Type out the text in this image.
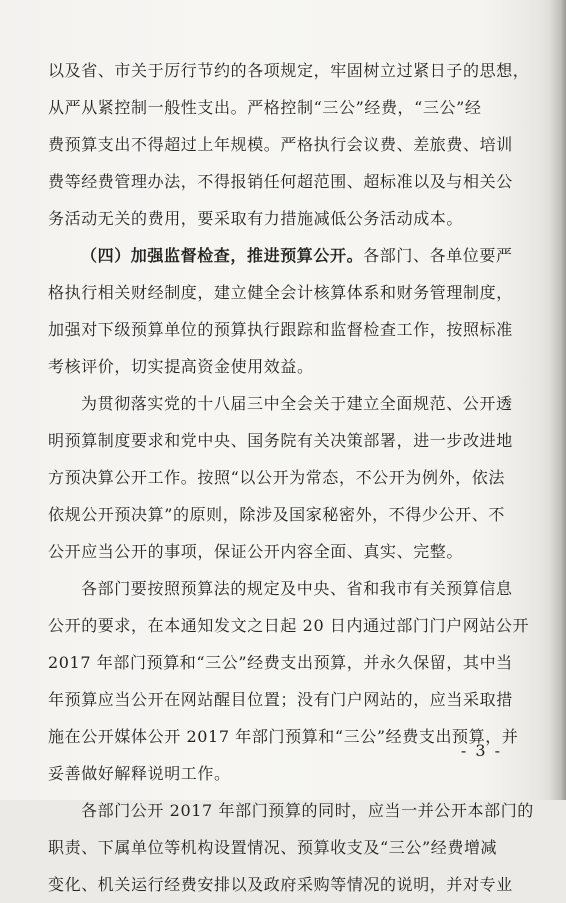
以及省、市关于厉行节约的各项规定，牢固树立过紧日子的思想，
从严从紧控制一般性支出。严格控制“三公”经费，“三公”经
费预算支出不得超过上年规模。严格执行会议费、差旅费、培训
费等经费管理办法，不得报销任何超范围、超标准以及与相关公
务活动无关的费用，要采取有力措施减低公务活动成本。

（四）加强监督检查，推进预算公开。各部门、各单位要严
格执行相关财经制度，建立健全会计核算体系和财务管理制度，
加强对下级预算单位的预算执行跟踪和监督检查工作，按照标准
考核评价，切实提高资金使用效益。

为贯彻落实党的十八届三中全会关于建立全面规范、公开透
明预算制度要求和党中央、国务院有关决策部署，进一步改进地
方预决算公开工作。按照“以公开为常态，不公开为例外，依法
依规公开预决算”的原则，除涉及国家秘密外，不得少公开、不
公开应当公开的事项，保证公开内容全面、真实、完整。

各部门要按照预算法的规定及中央、省和我市有关预算信息
公开的要求，在本通知发文之日起 20 日内通过部门门户网站公开
2017 年部门预算和“三公”经费支出预算，并永久保留，其中当
年预算应当公开在网站醒目位置；没有门户网站的，应当采取措
施在公开媒体公开 2017 年部门预算和“三公”经费支出预算，并
妥善做好解释说明工作。

各部门公开 2017 年部门预算的同时，应当一并公开本部门的
职责、下属单位等机构设置情况、预算收支及“三公”经费增减
变化、机关运行经费安排以及政府采购等情况的说明，并对专业

- 3 -
